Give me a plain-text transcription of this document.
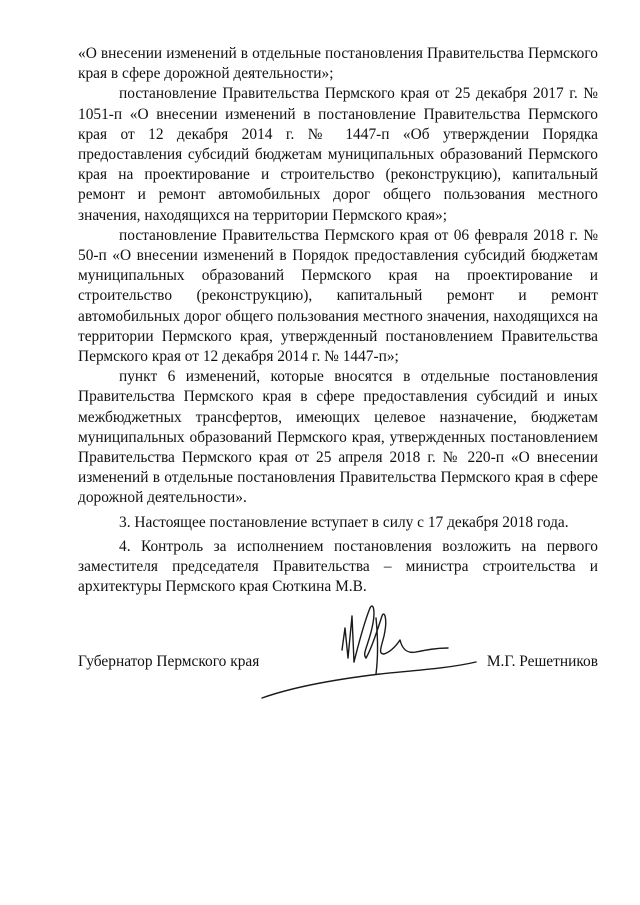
«О внесении изменений в отдельные постановления Правительства Пермского края в сфере дорожной деятельности»;

постановление Правительства Пермского края от 25 декабря 2017 г. № 1051-п «О внесении изменений в постановление Правительства Пермского края от 12 декабря 2014 г. № 1447-п «Об утверждении Порядка предоставления субсидий бюджетам муниципальных образований Пермского края на проектирование и строительство (реконструкцию), капитальный ремонт и ремонт автомобильных дорог общего пользования местного значения, находящихся на территории Пермского края»;

постановление Правительства Пермского края от 06 февраля 2018 г. № 50-п «О внесении изменений в Порядок предоставления субсидий бюджетам муниципальных образований Пермского края на проектирование и строительство (реконструкцию), капитальный ремонт и ремонт автомобильных дорог общего пользования местного значения, находящихся на территории Пермского края, утвержденный постановлением Правительства Пермского края от 12 декабря 2014 г. № 1447-п»;

пункт 6 изменений, которые вносятся в отдельные постановления Правительства Пермского края в сфере предоставления субсидий и иных межбюджетных трансфертов, имеющих целевое назначение, бюджетам муниципальных образований Пермского края, утвержденных постановлением Правительства Пермского края от 25 апреля 2018 г. № 220-п «О внесении изменений в отдельные постановления Правительства Пермского края в сфере дорожной деятельности».

3. Настоящее постановление вступает в силу с 17 декабря 2018 года.

4. Контроль за исполнением постановления возложить на первого заместителя председателя Правительства – министра строительства и архитектуры Пермского края Сюткина М.В.

Губернатор Пермского края	М.Г. Решетников
